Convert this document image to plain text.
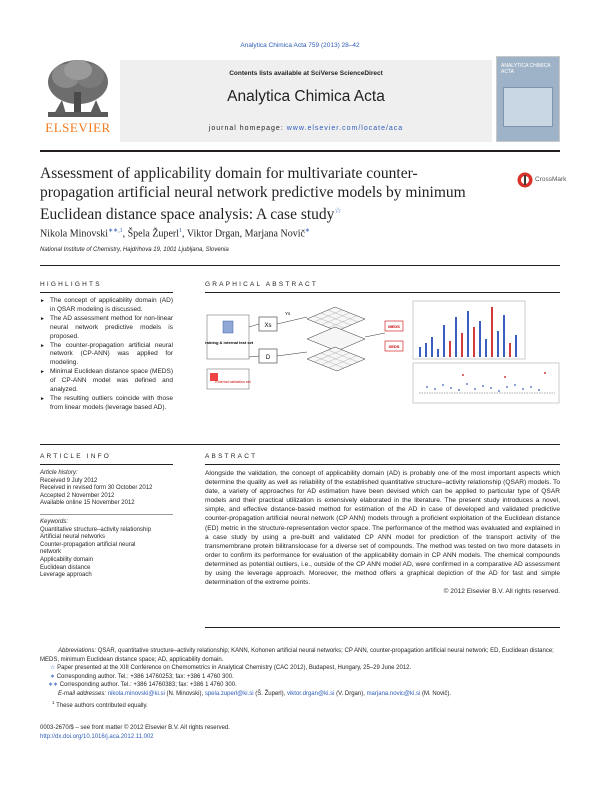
Analytica Chimica Acta 759 (2013) 28–42
ELSEVIER
Contents lists available at SciVerse ScienceDirect
Analytica Chimica Acta
journal homepage: www.elsevier.com/locate/aca
ANALYTICA CHIMICA ACTA
Assessment of applicability domain for multivariate counter-propagation artificial neural network predictive models by minimum Euclidean distance space analysis: A case study☆
CrossMark
Nikola Minovski$^{∗∗,1}$, Špela Župerl$^1$, Viktor Drgan, Marjana Novič∗
National Institute of Chemistry, Hajdrihova 19, 1001 Ljubljana, Slovenia
HIGHLIGHTS
► The concept of applicability domain (AD) in QSAR modeling is discussed.
► The AD assessment method for non-linear neural network predictive models is proposed.
► The counter-propagation artificial neural network (CP-ANN) was applied for modeling.
► Minimal Euclidean distance space (MEDS) of CP-ANN model was defined and analyzed.
► The resulting outliers coincide with those from linear models (leverage based AD).
GRAPHICAL ABSTRACT
Training & internal test set
External validation set
Xs
D
Ys
MEDS
XEDS
ARTICLE INFO
Article history:
Received 9 July 2012
Received in revised form 30 October 2012
Accepted 2 November 2012
Available online 15 November 2012
Keywords:
Quantitative structure–activity relationship
Artificial neural networks
Counter-propagation artificial neural network
Applicability domain
Euclidean distance
Leverage approach
ABSTRACT

Alongside the validation, the concept of applicability domain (AD) is probably one of the most important aspects which determine the quality as well as reliability of the established quantitative structure–activity relationship (QSAR) models. To date, a variety of approaches for AD estimation have been devised which can be applied to particular type of QSAR models and their practical utilization is extensively elaborated in the literature. The present study introduces a novel, simple, and effective distance-based method for estimation of the AD in case of developed and validated predictive counter-propagation artificial neural network (CP ANN) models through a proficient exploitation of the Euclidean distance (ED) metric in the structure-representation vector space. The performance of the method was evaluated and explained in a case study by using a pre-built and validated CP ANN model for prediction of the transport activity of the transmembrane protein bilitranslocase for a diverse set of compounds. The method was tested on two more datasets in order to confirm its performance for evaluation of the applicability domain in CP ANN models. The chemical compounds determined as potential outliers, i.e., outside of the CP ANN model AD, were confirmed in a comparative AD assessment by using the leverage approach. Moreover, the method offers a graphical depiction of the AD for fast and simple determination of the extreme points.

© 2012 Elsevier B.V. All rights reserved.

Abbreviations: QSAR, quantitative structure–activity relationship; KANN, Kohonen artificial neural networks; CP ANN, counter-propagation artificial neural network; ED, Euclidean distance; MEDS, minimum Euclidean distance space; AD, applicability domain.

☆ Paper presented at the XIII Conference on Chemometrics in Analytical Chemistry (CAC 2012), Budapest, Hungary, 25–29 June 2012.

∗ Corresponding author. Tel.: +386 14760253; fax: +386 1 4760 300.

∗∗ Corresponding author. Tel.: +386 14760383; fax: +386 1 4760 300.

E-mail addresses: nikola.minovski@ki.si (N. Minovski), spela.zuperl@ki.si (Š. Župerl), viktor.drgan@ki.si (V. Drgan), marjana.novic@ki.si (M. Novič).

$^1$ These authors contributed equally.

0003-2670/$ – see front matter © 2012 Elsevier B.V. All rights reserved.
http://dx.doi.org/10.1016/j.aca.2012.11.002
